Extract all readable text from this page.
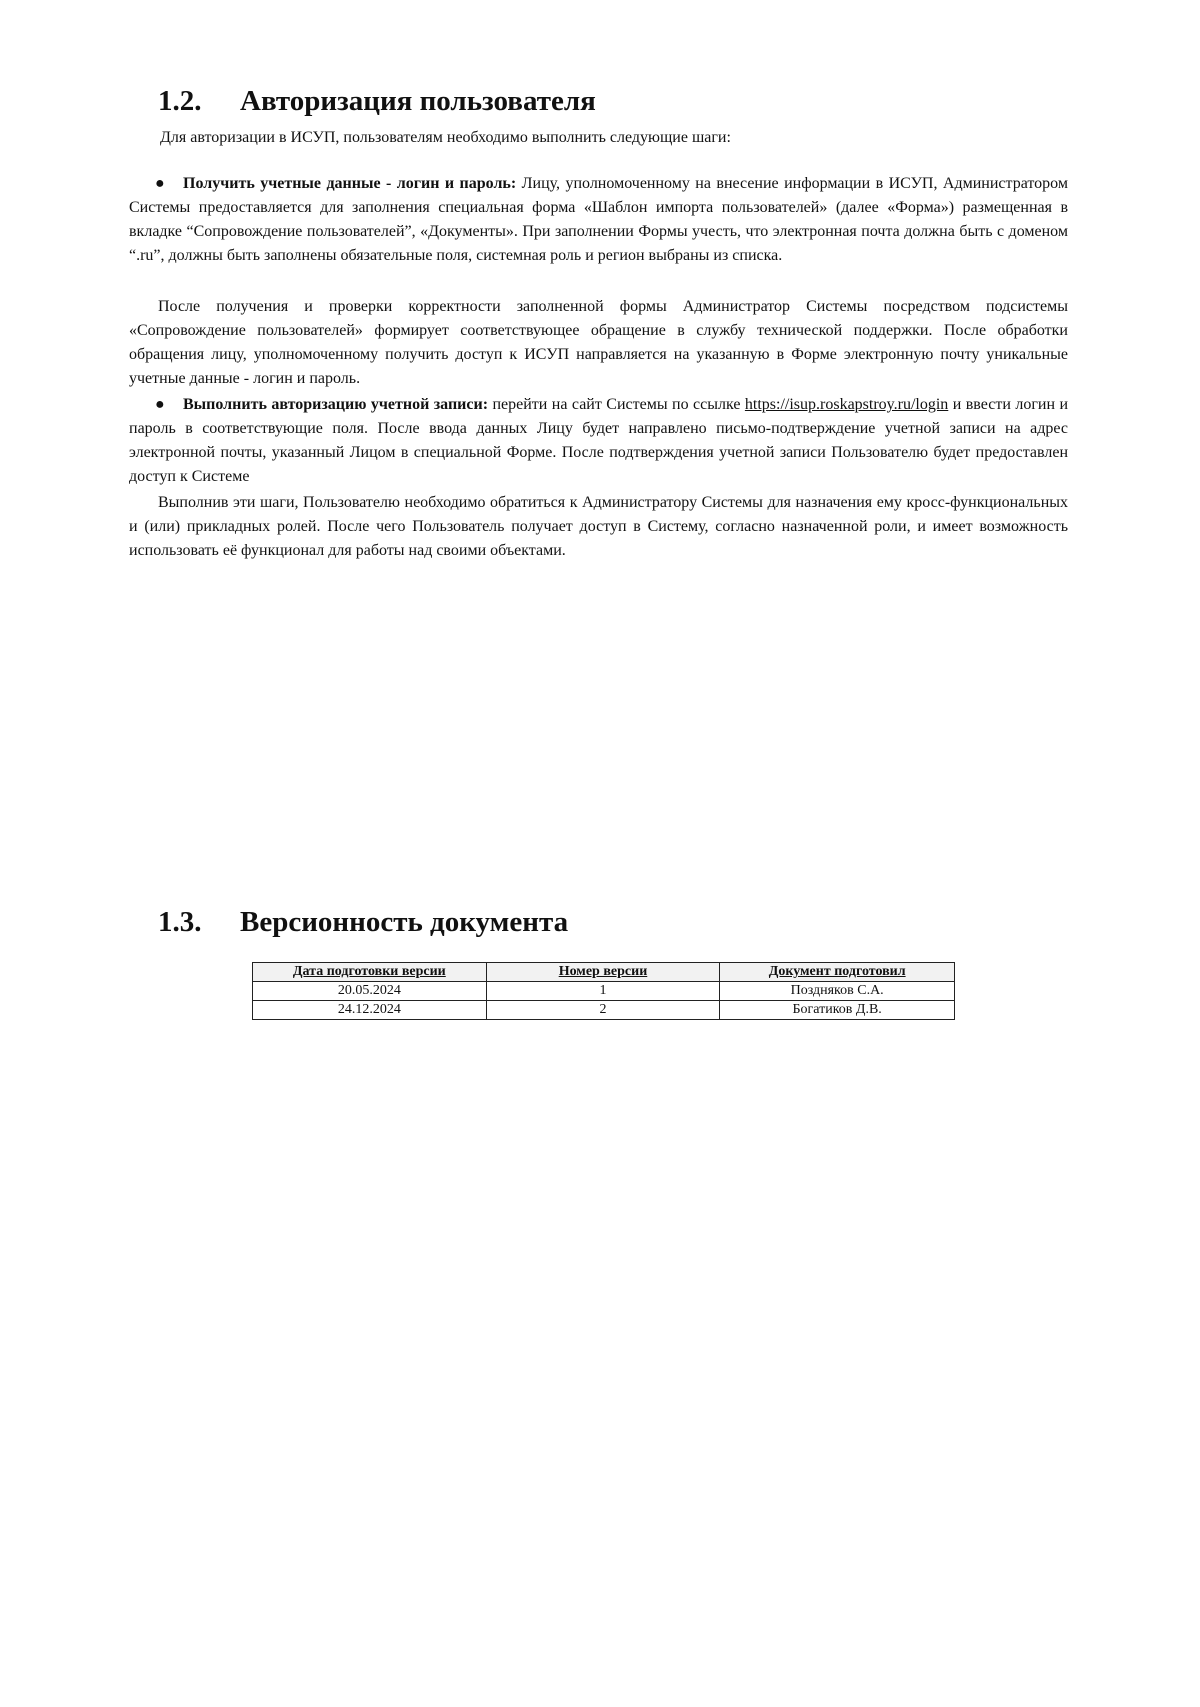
1.2. Авторизация пользователя

Для авторизации в ИСУП, пользователям необходимо выполнить следующие шаги:

● Получить учетные данные - логин и пароль: Лицу, уполномоченному на внесение информации в ИСУП, Администратором Системы предоставляется для заполнения специальная форма «Шаблон импорта пользователей» (далее «Форма») размещенная в вкладке “Сопровождение пользователей”, «Документы». При заполнении Формы учесть, что электронная почта должна быть с доменом “.ru”, должны быть заполнены обязательные поля, системная роль и регион выбраны из списка.

После получения и проверки корректности заполненной формы Администратор Системы посредством подсистемы «Сопровождение пользователей» формирует соответствующее обращение в службу технической поддержки. После обработки обращения лицу, уполномоченному получить доступ к ИСУП направляется на указанную в Форме электронную почту уникальные учетные данные - логин и пароль.

● Выполнить авторизацию учетной записи: перейти на сайт Системы по ссылке https://isup.roskapstroy.ru/login и ввести логин и пароль в соответствующие поля. После ввода данных Лицу будет направлено письмо-подтверждение учетной записи на адрес электронной почты, указанный Лицом в специальной Форме. После подтверждения учетной записи Пользователю будет предоставлен доступ к Системе

Выполнив эти шаги, Пользователю необходимо обратиться к Администратору Системы для назначения ему кросс-функциональных и (или) прикладных ролей. После чего Пользователь получает доступ в Систему, согласно назначенной роли, и имеет возможность использовать её функционал для работы над своими объектами.

1.3. Версионность документа
Дата подготовки версии	Номер версии	Документ подготовил
20.05.2024	1	Поздняков С.А.
24.12.2024	2	Богатиков Д.В.
